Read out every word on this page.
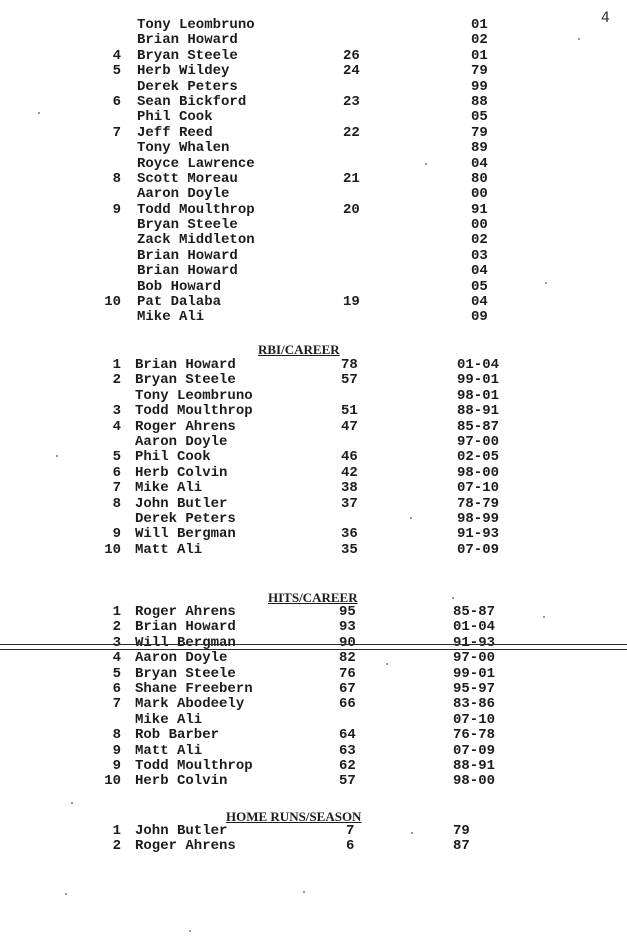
4
Tony Leombruno	01
Brian Howard	02
4 Bryan Steele	26	01
5 Herb Wildey	24	79
Derek Peters	99
6 Sean Bickford	23	88
Phil Cook	05
7 Jeff Reed	22	79
Tony Whalen	89
Royce Lawrence	04
8 Scott Moreau	21	80
Aaron Doyle	00
9 Todd Moulthrop	20	91
Bryan Steele	00
Zack Middleton	02
Brian Howard	03
Brian Howard	04
Bob Howard	05
10 Pat Dalaba	19	04
Mike Ali	09
RBI/CAREER
1 Brian Howard	78	01-04
2 Bryan Steele	57	99-01
Tony Leombruno	98-01
3 Todd Moulthrop	51	88-91
4 Roger Ahrens	47	85-87
Aaron Doyle	97-00
5 Phil Cook	46	02-05
6 Herb Colvin	42	98-00
7 Mike Ali	38	07-10
8 John Butler	37	78-79
Derek Peters	98-99
9 Will Bergman	36	91-93
10 Matt Ali	35	07-09
HITS/CAREER
1 Roger Ahrens	95	85-87
2 Brian Howard	93	01-04
3 Will Bergman	90	91-93
4 Aaron Doyle	82	97-00
5 Bryan Steele	76	99-01
6 Shane Freebern	67	95-97
7 Mark Abodeely	66	83-86
Mike Ali	07-10
8 Rob Barber	64	76-78
9 Matt Ali	63	07-09
9 Todd Moulthrop	62	88-91
10 Herb Colvin	57	98-00
HOME RUNS/SEASON
1 John Butler	7	79
2 Roger Ahrens	6	87
